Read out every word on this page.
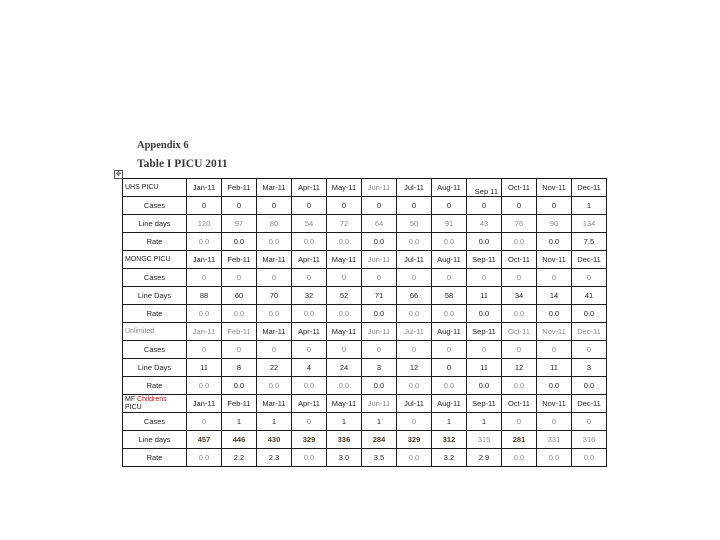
Appendix 6
Table I PICU 2011
✥
UHS PICU	Jan-11	Feb-11	Mar-11	Apr-11	May-11	Jun-11	Jul-11	Aug-11	Sep 11	Oct-11	Nov-11	Dec-11
Cases	0	0	0	0	0	0	0	0	0	0	0	1
Line days	120	97	80	54	72	64	50	91	43	76	90	134
Rate	0.0	0.0	0.0	0.0	0.0	0.0	0.0	0.0	0.0	0.0	0.0	7.5
MONGC PICU	Jan-11	Feb-11	Mar-11	Apr-11	May-11	Jun-11	Jul-11	Aug-11	Sep-11	Oct-11	Nov-11	Dec-11
Cases	0	0	0	0	0	0	0	0	0	0	0	0
Line Days	88	60	70	32	52	71	66	58	11	34	14	41
Rate	0.0	0.0	0.0	0.0	0.0	0.0	0.0	0.0	0.0	0.0	0.0	0.0
Unlimited	Jan-11	Feb-11	Mar-11	Apr-11	May-11	Jun-11	Jul-11	Aug-11	Sep-11	Oct-11	Nov-11	Dec-11
Cases	0	0	0	0	0	0	0	0	0	0	0	0
Line Days	11	8	22	4	24	3	12	0	11	12	11	3
Rate	0.0	0.0	0.0	0.0	0.0	0.0	0.0	0.0	0.0	0.0	0.0	0.0
MF Childrens
PICU	Jan-11	Feb-11	Mar-11	Apr-11	May-11	Jun-11	Jul-11	Aug-11	Sep-11	Oct-11	Nov-11	Dec-11
Cases	0	1	1	0	1	1	0	1	1	0	0	0
Line days	457	446	430	329	336	284	329	312	315	281	331	316
Rate	0.0	2.2	2.3	0.0	3.0	3.5	0.0	3.2	2.9	0.0	0.0	0.0
